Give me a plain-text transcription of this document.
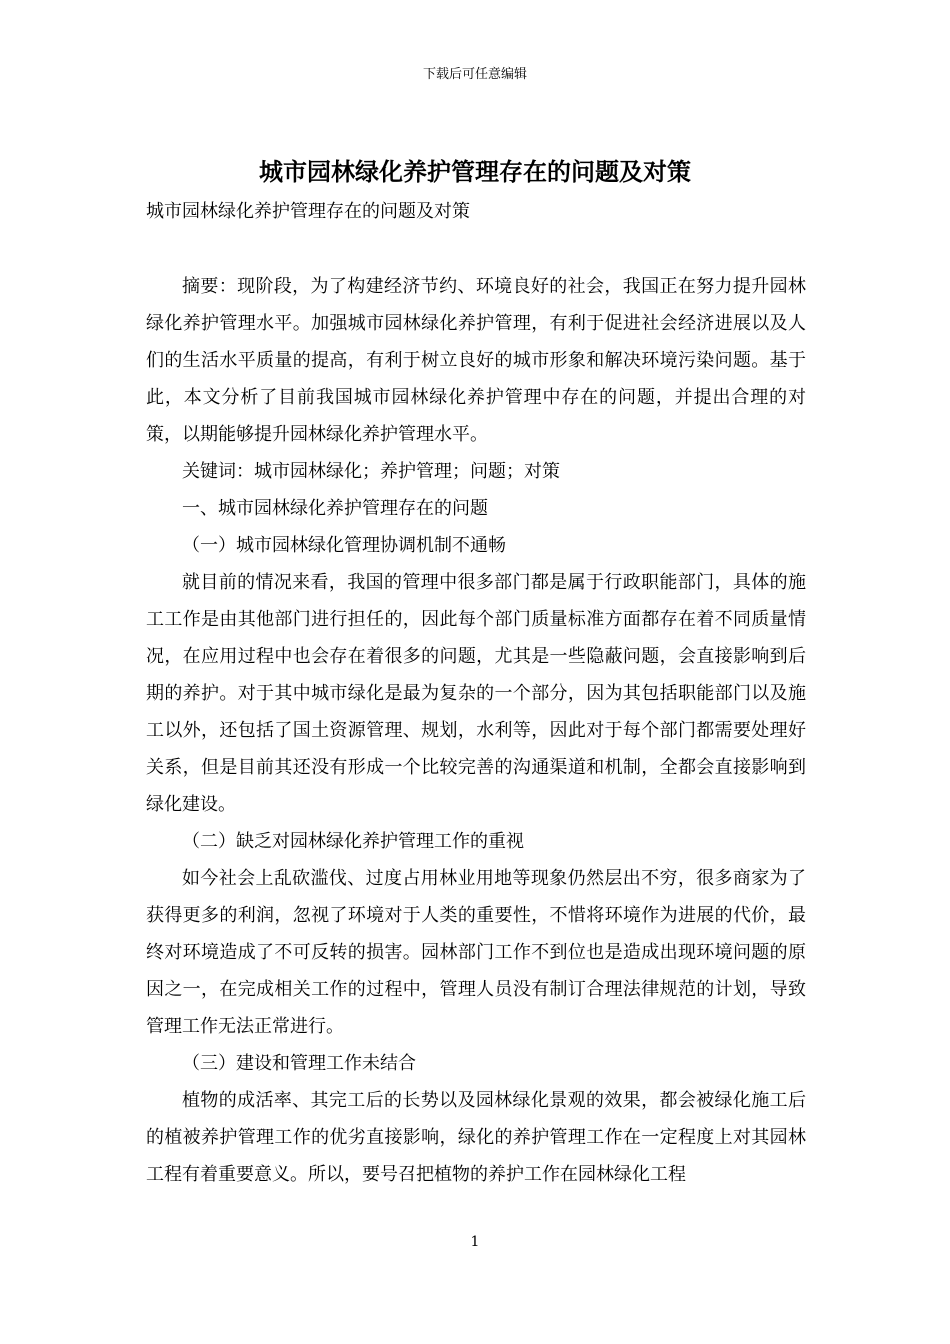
下载后可任意编辑
城市园林绿化养护管理存在的问题及对策

城市园林绿化养护管理存在的问题及对策

摘要：现阶段，为了构建经济节约、环境良好的社会，我国正在努力提升园林绿化养护管理水平。加强城市园林绿化养护管理，有利于促进社会经济进展以及人们的生活水平质量的提高，有利于树立良好的城市形象和解决环境污染问题。基于此，本文分析了目前我国城市园林绿化养护管理中存在的问题，并提出合理的对策，以期能够提升园林绿化养护管理水平。

关键词：城市园林绿化；养护管理；问题；对策

一、城市园林绿化养护管理存在的问题

（一）城市园林绿化管理协调机制不通畅

就目前的情况来看，我国的管理中很多部门都是属于行政职能部门，具体的施工工作是由其他部门进行担任的，因此每个部门质量标准方面都存在着不同质量情况，在应用过程中也会存在着很多的问题，尤其是一些隐蔽问题，会直接影响到后期的养护。对于其中城市绿化是最为复杂的一个部分，因为其包括职能部门以及施工以外，还包括了国土资源管理、规划，水利等，因此对于每个部门都需要处理好关系，但是目前其还没有形成一个比较完善的沟通渠道和机制，全都会直接影响到绿化建设。

（二）缺乏对园林绿化养护管理工作的重视

如今社会上乱砍滥伐、过度占用林业用地等现象仍然层出不穷，很多商家为了获得更多的利润，忽视了环境对于人类的重要性，不惜将环境作为进展的代价，最终对环境造成了不可反转的损害。园林部门工作不到位也是造成出现环境问题的原因之一，在完成相关工作的过程中，管理人员没有制订合理法律规范的计划，导致管理工作无法正常进行。

（三）建设和管理工作未结合

植物的成活率、其完工后的长势以及园林绿化景观的效果，都会被绿化施工后的植被养护管理工作的优劣直接影响，绿化的养护管理工作在一定程度上对其园林工程有着重要意义。所以，要号召把植物的养护工作在园林绿化工程

1
